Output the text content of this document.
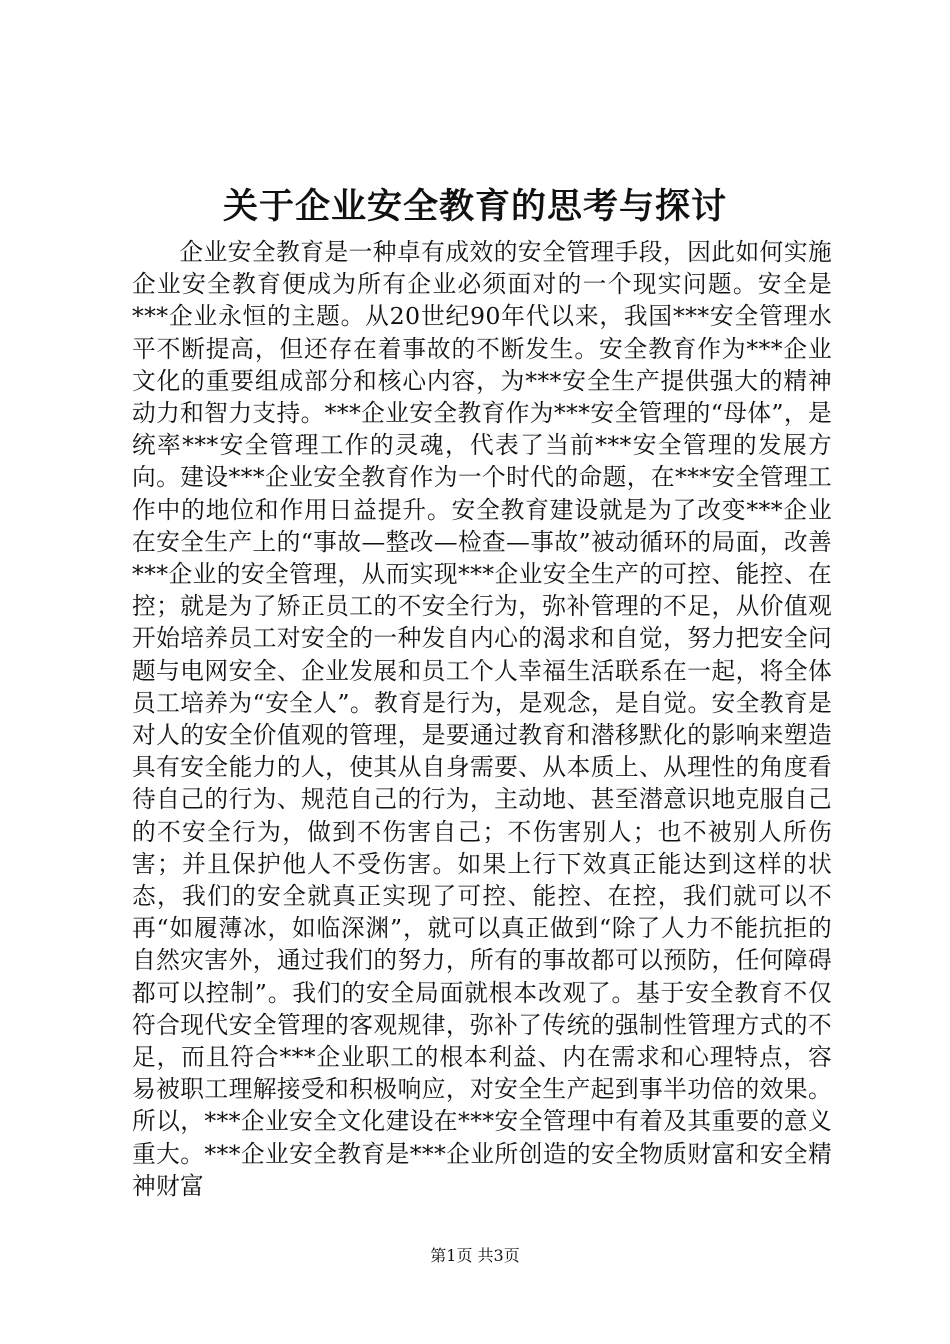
关于企业安全教育的思考与探讨

企业安全教育是一种卓有成效的安全管理手段，因此如何实施企业安全教育便成为所有企业必须面对的一个现实问题。安全是***企业永恒的主题。从20世纪90年代以来，我国***安全管理水平不断提高，但还存在着事故的不断发生。安全教育作为***企业文化的重要组成部分和核心内容，为***安全生产提供强大的精神动力和智力支持。***企业安全教育作为***安全管理的“母体”，是统率***安全管理工作的灵魂，代表了当前***安全管理的发展方向。建设***企业安全教育作为一个时代的命题，在***安全管理工作中的地位和作用日益提升。安全教育建设就是为了改变***企业在安全生产上的“事故—整改—检查—事故”被动循环的局面，改善***企业的安全管理，从而实现***企业安全生产的可控、能控、在控；就是为了矫正员工的不安全行为，弥补管理的不足，从价值观开始培养员工对安全的一种发自内心的渴求和自觉，努力把安全问题与电网安全、企业发展和员工个人幸福生活联系在一起，将全体员工培养为“安全人”。教育是行为，是观念，是自觉。安全教育是对人的安全价值观的管理，是要通过教育和潜移默化的影响来塑造具有安全能力的人，使其从自身需要、从本质上、从理性的角度看待自己的行为、规范自己的行为，主动地、甚至潜意识地克服自己的不安全行为，做到不伤害自己；不伤害别人；也不被别人所伤害；并且保护他人不受伤害。如果上行下效真正能达到这样的状态，我们的安全就真正实现了可控、能控、在控，我们就可以不再“如履薄冰，如临深渊”，就可以真正做到“除了人力不能抗拒的自然灾害外，通过我们的努力，所有的事故都可以预防，任何障碍都可以控制”。我们的安全局面就根本改观了。基于安全教育不仅符合现代安全管理的客观规律，弥补了传统的强制性管理方式的不足，而且符合***企业职工的根本利益、内在需求和心理特点，容易被职工理解接受和积极响应，对安全生产起到事半功倍的效果。所以，***企业安全文化建设在***安全管理中有着及其重要的意义重大。***企业安全教育是***企业所创造的安全物质财富和安全精神财富

第1页 共3页
